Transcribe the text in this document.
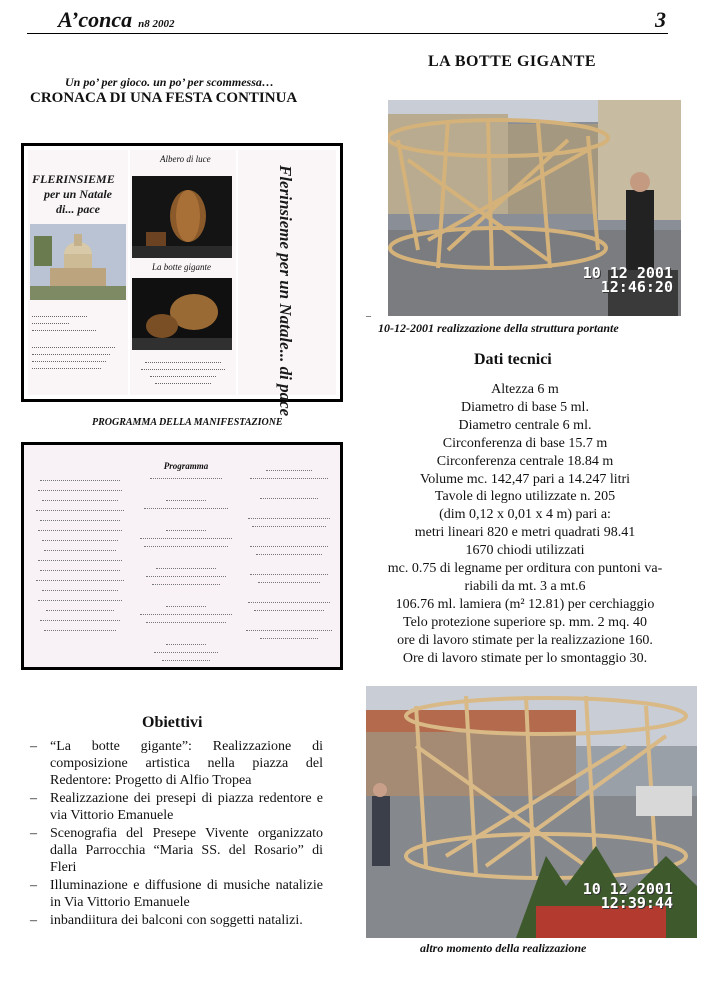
A’conca n8 2002	3
Un po’ per gioco. un po’ per scommessa…
CRONACA DI UNA FESTA CONTINUA
LA BOTTE GIGANTE
FLERINSIEME
per un Natale
di... pace
Albero di luce
La botte gigante	Flerinsieme per un Natale... di pace
PROGRAMMA DELLA MANIFESTAZIONE
Programma
10 12 2001
12:46:20
–
10-12-2001 realizzazione della struttura portante
Dati tecnici
Altezza 6 m
Diametro di base 5 ml.
Diametro centrale 6 ml.
Circonferenza di base 15.7 m
Circonferenza centrale 18.84 m
Volume mc. 142,47 pari a 14.247 litri
Tavole di legno utilizzate n. 205
(dim 0,12 x 0,01 x 4 m) pari a:
metri lineari 820 e metri quadrati 98.41
1670 chiodi utilizzati
mc. 0.75 di legname per orditura con puntoni va-
riabili da mt. 3 a mt.6
106.76 ml. lamiera (m² 12.81) per cerchiaggio
Telo protezione superiore sp. mm. 2 mq. 40
ore di lavoro stimate per la realizzazione 160.
Ore di lavoro stimate per lo smontaggio 30.
Obiettivi
– “La botte gigante”: Realizzazione di composizione artistica nella piazza del Redentore: Progetto di Alfio Tropea
– Realizzazione dei presepi di piazza redentore e via Vittorio Emanuele
– Scenografia del Presepe Vivente organizzato dalla Parrocchia “Maria SS. del Rosario” di Fleri
– Illuminazione e diffusione di musiche natalizie in Via Vittorio Emanuele
– inbandiitura dei balconi con soggetti natalizi.
10 12 2001
12:39:44
altro momento della realizzazione
